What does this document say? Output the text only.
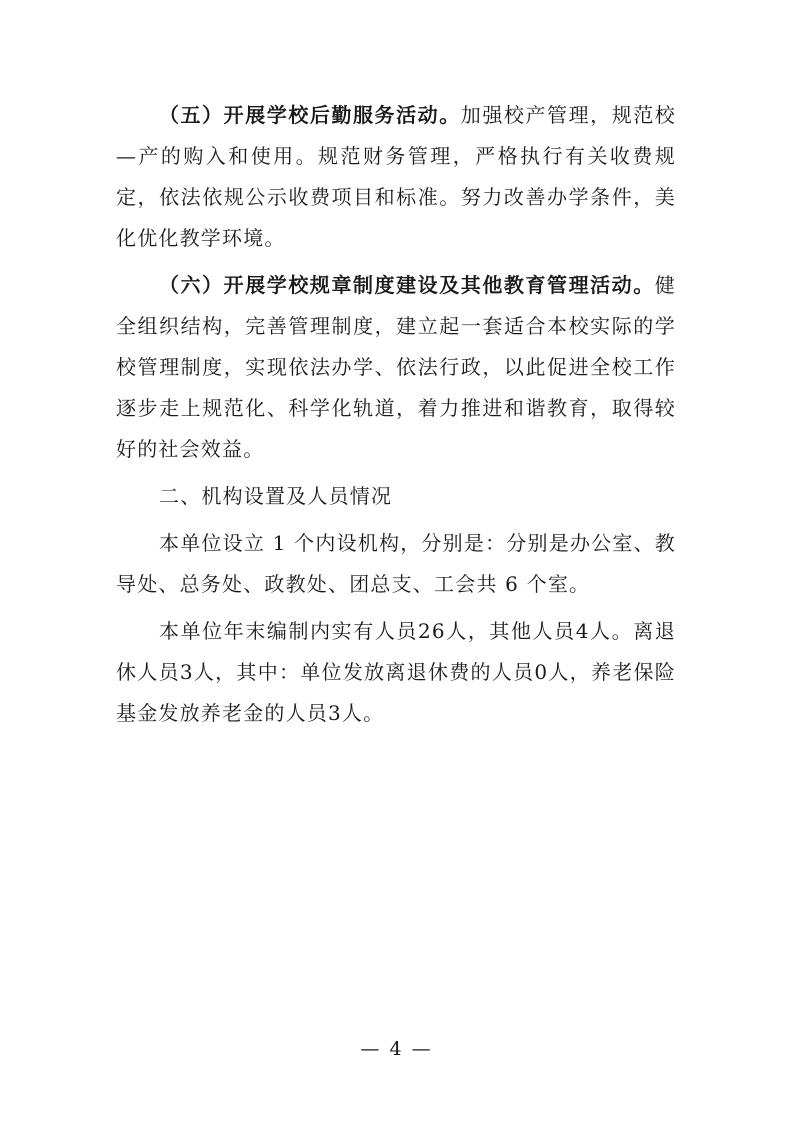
（五）开展学校后勤服务活动。加强校产管理，规范校—产的购入和使用。规范财务管理，严格执行有关收费规定，依法依规公示收费项目和标准。努力改善办学条件，美化优化教学环境。

（六）开展学校规章制度建设及其他教育管理活动。健全组织结构，完善管理制度，建立起一套适合本校实际的学校管理制度，实现依法办学、依法行政，以此促进全校工作逐步走上规范化、科学化轨道，着力推进和谐教育，取得较好的社会效益。

二、机构设置及人员情况

本单位设立 1 个内设机构，分别是：分别是办公室、教导处、总务处、政教处、团总支、工会共 6 个室。

本单位年末编制内实有人员26人，其他人员4人。离退休人员3人，其中：单位发放离退休费的人员0人，养老保险基金发放养老金的人员3人。

— 4 —
